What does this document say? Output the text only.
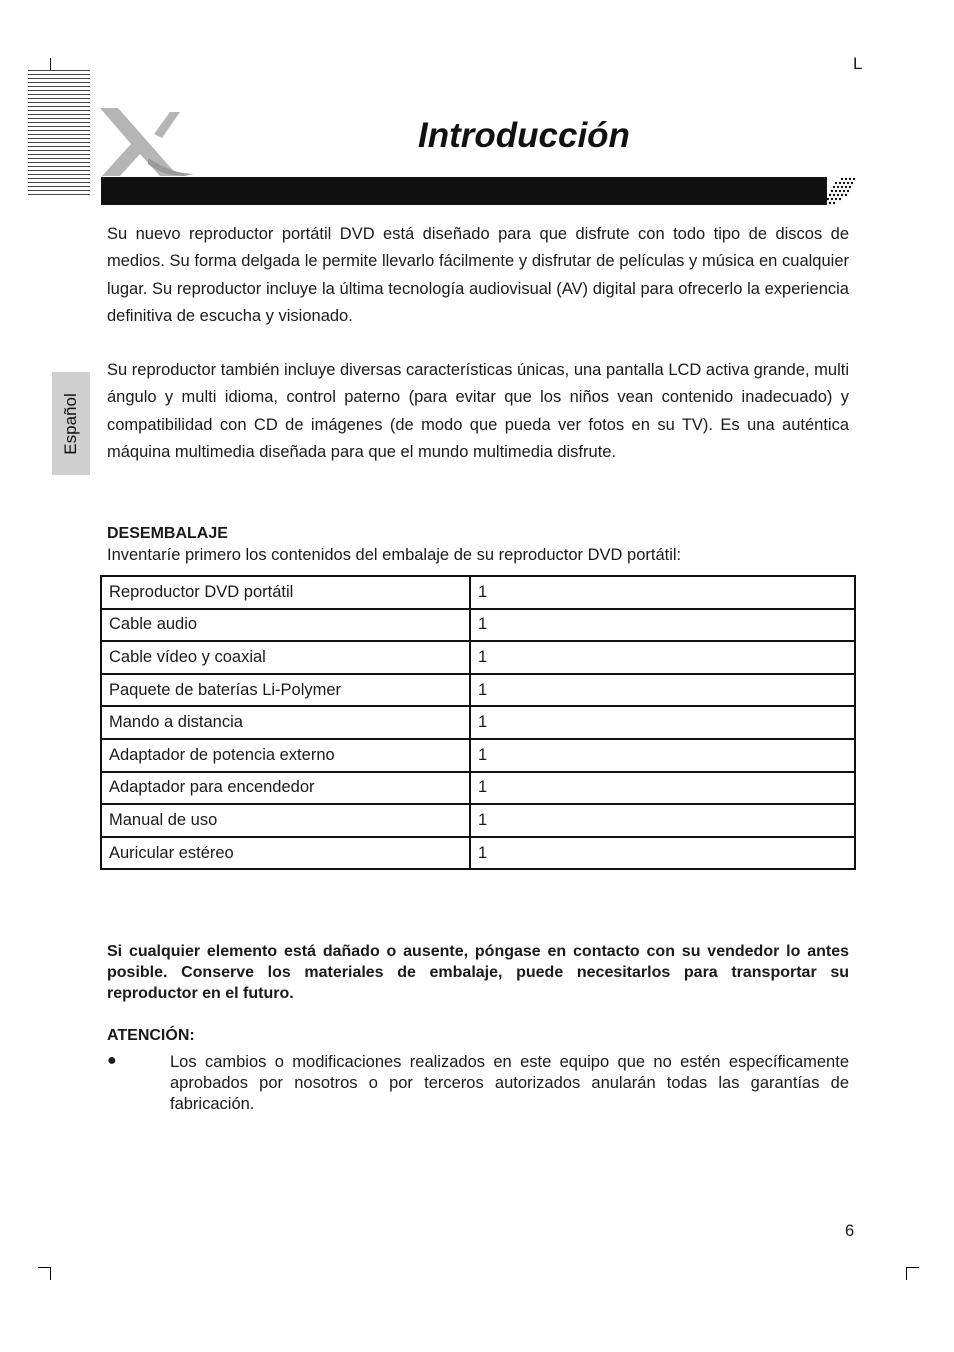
L
Introducción
Español

Su nuevo reproductor portátil DVD está diseñado para que disfrute con todo tipo de discos de medios. Su forma delgada le permite llevarlo fácilmente y disfrutar de películas y música en cualquier lugar. Su reproductor incluye la última tecnología audiovisual (AV) digital para ofrecerlo la experiencia definitiva de escucha y visionado.

Su reproductor también incluye diversas características únicas, una pantalla LCD activa grande, multi ángulo y multi idioma, control paterno (para evitar que los niños vean contenido inadecuado) y compatibilidad con CD de imágenes (de modo que pueda ver fotos en su TV). Es una auténtica máquina multimedia diseñada para que el mundo multimedia disfrute.

DESEMBALAJE

Inventaríe primero los contenidos del embalaje de su reproductor DVD portátil:

Reproductor DVD portátil	1
Cable audio	1
Cable vídeo y coaxial	1
Paquete de baterías Li-Polymer	1
Mando a distancia	1
Adaptador de potencia externo	1
Adaptador para encendedor	1
Manual de uso	1
Auricular estéreo	1

Si cualquier elemento está dañado o ausente, póngase en contacto con su vendedor lo antes posible. Conserve los materiales de embalaje, puede necesitarlos para transportar su reproductor en el futuro.

ATENCIÓN:

●	Los cambios o modificaciones realizados en este equipo que no estén específicamente aprobados por nosotros o por terceros autorizados anularán todas las garantías de fabricación.

6
